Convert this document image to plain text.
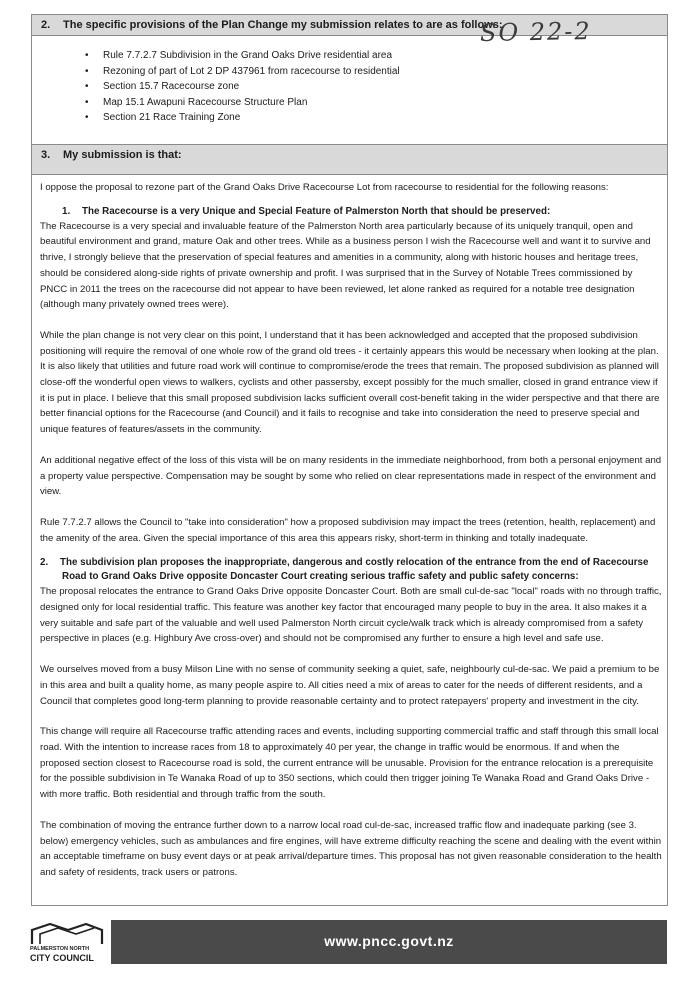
2. The specific provisions of the Plan Change my submission relates to are as follows:
SO 22-2
• Rule 7.7.2.7 Subdivision in the Grand Oaks Drive residential area
• Rezoning of part of Lot 2 DP 437961 from racecourse to residential
• Section 15.7 Racecourse zone
• Map 15.1 Awapuni Racecourse Structure Plan
• Section 21 Race Training Zone
3. My submission is that:

I oppose the proposal to rezone part of the Grand Oaks Drive Racecourse Lot from racecourse to residential for the following reasons:

1. The Racecourse is a very Unique and Special Feature of Palmerston North that should be preserved:

The Racecourse is a very special and invaluable feature of the Palmerston North area particularly because of its uniquely tranquil, open and beautiful environment and grand, mature Oak and other trees. While as a business person I wish the Racecourse well and want it to survive and thrive, I strongly believe that the preservation of special features and amenities in a community, along with historic houses and heritage trees, should be considered along-side rights of private ownership and profit. I was surprised that in the Survey of Notable Trees commissioned by PNCC in 2011 the trees on the racecourse did not appear to have been reviewed, let alone ranked as required for a notable tree designation (although many privately owned trees were).

While the plan change is not very clear on this point, I understand that it has been acknowledged and accepted that the proposed subdivision positioning will require the removal of one whole row of the grand old trees - it certainly appears this would be necessary when looking at the plan. It is also likely that utilities and future road work will continue to compromise/erode the trees that remain. The proposed subdivision as planned will close-off the wonderful open views to walkers, cyclists and other passersby, except possibly for the much smaller, closed in grand entrance view if it is put in place. I believe that this small proposed subdivision lacks sufficient overall cost-benefit taking in the wider perspective and that there are better financial options for the Racecourse (and Council) and it fails to recognise and take into consideration the need to preserve special and unique features of features/assets in the community.

An additional negative effect of the loss of this vista will be on many residents in the immediate neighborhood, from both a personal enjoyment and a property value perspective. Compensation may be sought by some who relied on clear representations made in respect of the environment and view.

Rule 7.7.2.7 allows the Council to "take into consideration" how a proposed subdivision may impact the trees (retention, health, replacement) and the amenity of the area. Given the special importance of this area this appears risky, short-term in thinking and totally inadequate.

2. The subdivision plan proposes the inappropriate, dangerous and costly relocation of the entrance from the end of Racecourse Road to Grand Oaks Drive opposite Doncaster Court creating serious traffic safety and public safety concerns:

The proposal relocates the entrance to Grand Oaks Drive opposite Doncaster Court. Both are small cul-de-sac "local" roads with no through traffic, designed only for local residential traffic. This feature was another key factor that encouraged many people to buy in the area. It also makes it a very suitable and safe part of the valuable and well used Palmerston North circuit cycle/walk track which is already compromised from a safety perspective in places (e.g. Highbury Ave cross-over) and should not be compromised any further to ensure a high level and safe use.

We ourselves moved from a busy Milson Line with no sense of community seeking a quiet, safe, neighbourly cul-de-sac. We paid a premium to be in this area and built a quality home, as many people aspire to. All cities need a mix of areas to cater for the needs of different residents, and a Council that completes good long-term planning to provide reasonable certainty and to protect ratepayers' property and investment in the city.

This change will require all Racecourse traffic attending races and events, including supporting commercial traffic and staff through this small local road. With the intention to increase races from 18 to approximately 40 per year, the change in traffic would be enormous. If and when the proposed section closest to Racecourse road is sold, the current entrance will be unusable. Provision for the entrance relocation is a prerequisite for the possible subdivision in Te Wanaka Road of up to 350 sections, which could then trigger joining Te Wanaka Road and Grand Oaks Drive - with more traffic. Both residential and through traffic from the south.

The combination of moving the entrance further down to a narrow local road cul-de-sac, increased traffic flow and inadequate parking (see 3. below) emergency vehicles, such as ambulances and fire engines, will have extreme difficulty reaching the scene and dealing with the event within an acceptable timeframe on busy event days or at peak arrival/departure times. This proposal has not given reasonable consideration to the health and safety of residents, track users or patrons.

PALMERSTON NORTH
CITY COUNCIL
www.pncc.govt.nz
